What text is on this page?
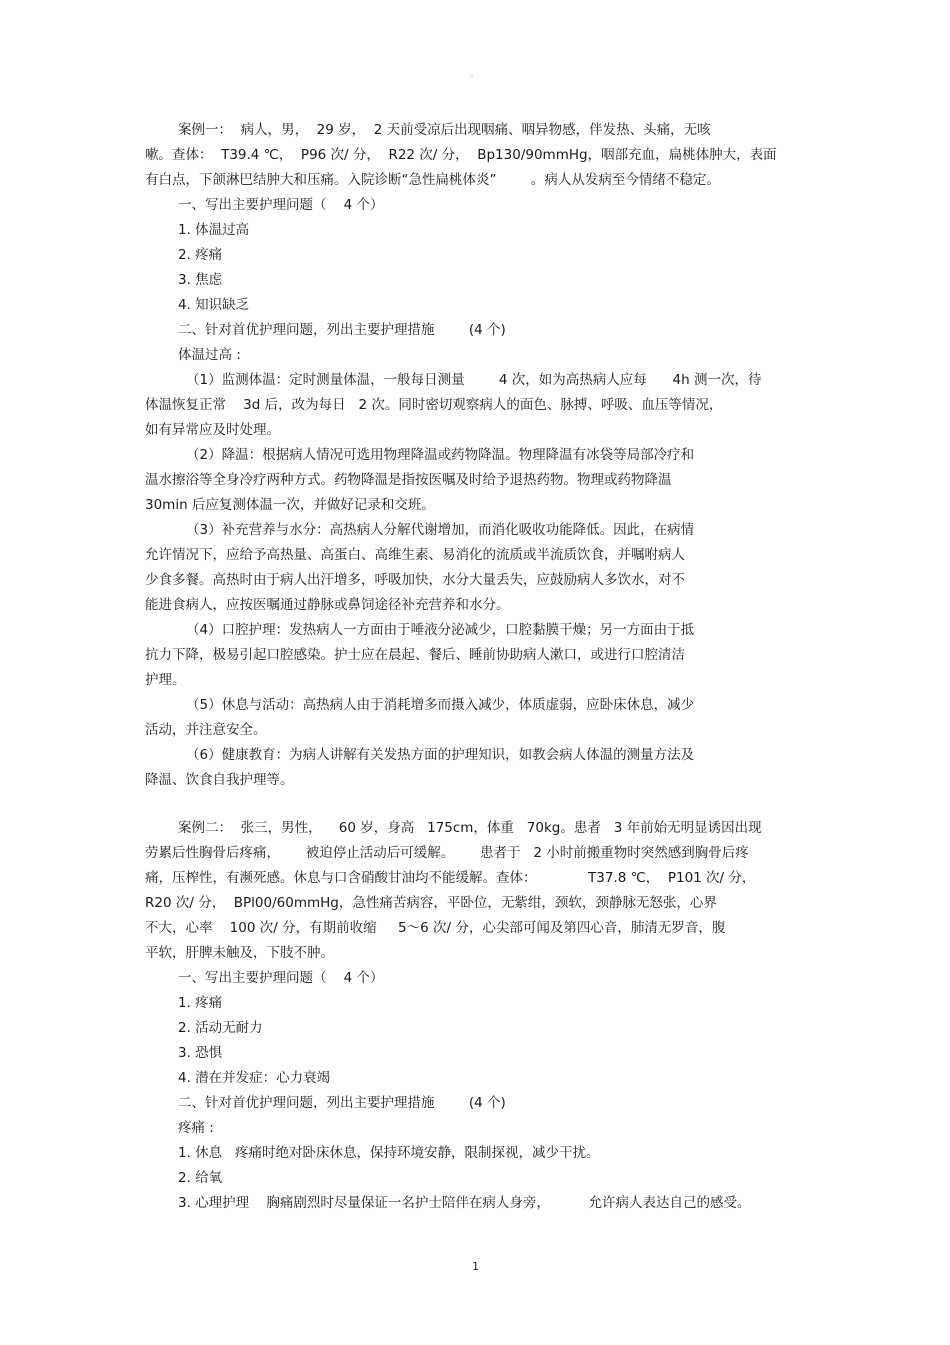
。
案例一：  病人，男，  29 岁，  2 天前受凉后出现咽痛、咽异物感，伴发热、头痛，无咳
嗽。查体：  T39.4 ℃，  P96 次/ 分，  R22 次/ 分，  Bp130/90mmHg，咽部充血，扁桃体肿大，表面
有白点，下颌淋巴结肿大和压痛。入院诊断“急性扁桃体炎”        。病人从发病至今情绪不稳定。
一、写出主要护理问题（    4 个）
1. 体温过高
2. 疼痛
3. 焦虑
4. 知识缺乏
二、针对首优护理问题，列出主要护理措施        (4 个)
体温过高 :
（1）监测体温：定时测量体温，一般每日测量        4 次，如为高热病人应每      4h 测一次，待
体温恢复正常    3d 后，改为每日   2 次。同时密切观察病人的面色、脉搏、呼吸、血压等情况，
如有异常应及时处理。
（2）降温：根据病人情况可选用物理降温或药物降温。物理降温有冰袋等局部冷疗和
温水擦浴等全身冷疗两种方式。药物降温是指按医嘱及时给予退热药物。物理或药物降温
30min 后应复测体温一次，并做好记录和交班。
（3）补充营养与水分：高热病人分解代谢增加，而消化吸收功能降低。因此，在病情
允许情况下，应给予高热量、高蛋白、高维生素、易消化的流质或半流质饮食，并嘱咐病人
少食多餐。高热时由于病人出汗增多，呼吸加快，水分大量丢失，应鼓励病人多饮水，对不
能进食病人，应按医嘱通过静脉或鼻饲途径补充营养和水分。
（4）口腔护理：发热病人一方面由于唾液分泌减少，口腔黏膜干燥；另一方面由于抵
抗力下降，极易引起口腔感染。护士应在晨起、餐后、睡前协助病人漱口，或进行口腔清洁
护理。
（5）休息与活动：高热病人由于消耗增多而摄入减少，体质虚弱，应卧床休息，减少
活动，并注意安全。
（6）健康教育：为病人讲解有关发热方面的护理知识，如教会病人体温的测量方法及
降温、饮食自我护理等。
案例二：  张三，男性，    60 岁，身高   175cm，体重   70kg。患者   3 年前始无明显诱因出现
劳累后性胸骨后疼痛，      被迫停止活动后可缓解。      患者于   2 小时前搬重物时突然感到胸骨后疼
痛，压榨性，有濒死感。休息与口含硝酸甘油均不能缓解。查体：            T37.8 ℃，  P101 次/ 分，
R20 次/ 分，  BPl00/60mmHg，急性痛苦病容，平卧位，无紫绀，颈软，颈静脉无怒张，心界
不大，心率    100 次/ 分，有期前收缩     5～6 次/ 分，心尖部可闻及第四心音，肺清无罗音，腹
平软，肝脾未触及，下肢不肿。
一、写出主要护理问题（    4 个）
1. 疼痛
2. 活动无耐力
3. 恐惧
4. 潜在并发症：心力衰竭
二、针对首优护理问题，列出主要护理措施        (4 个)
疼痛 :
1. 休息   疼痛时绝对卧床休息，保持环境安静，限制探视，减少干扰。
2. 给氧
3. 心理护理    胸痛剧烈时尽量保证一名护士陪伴在病人身旁，         允许病人表达自己的感受。
1
